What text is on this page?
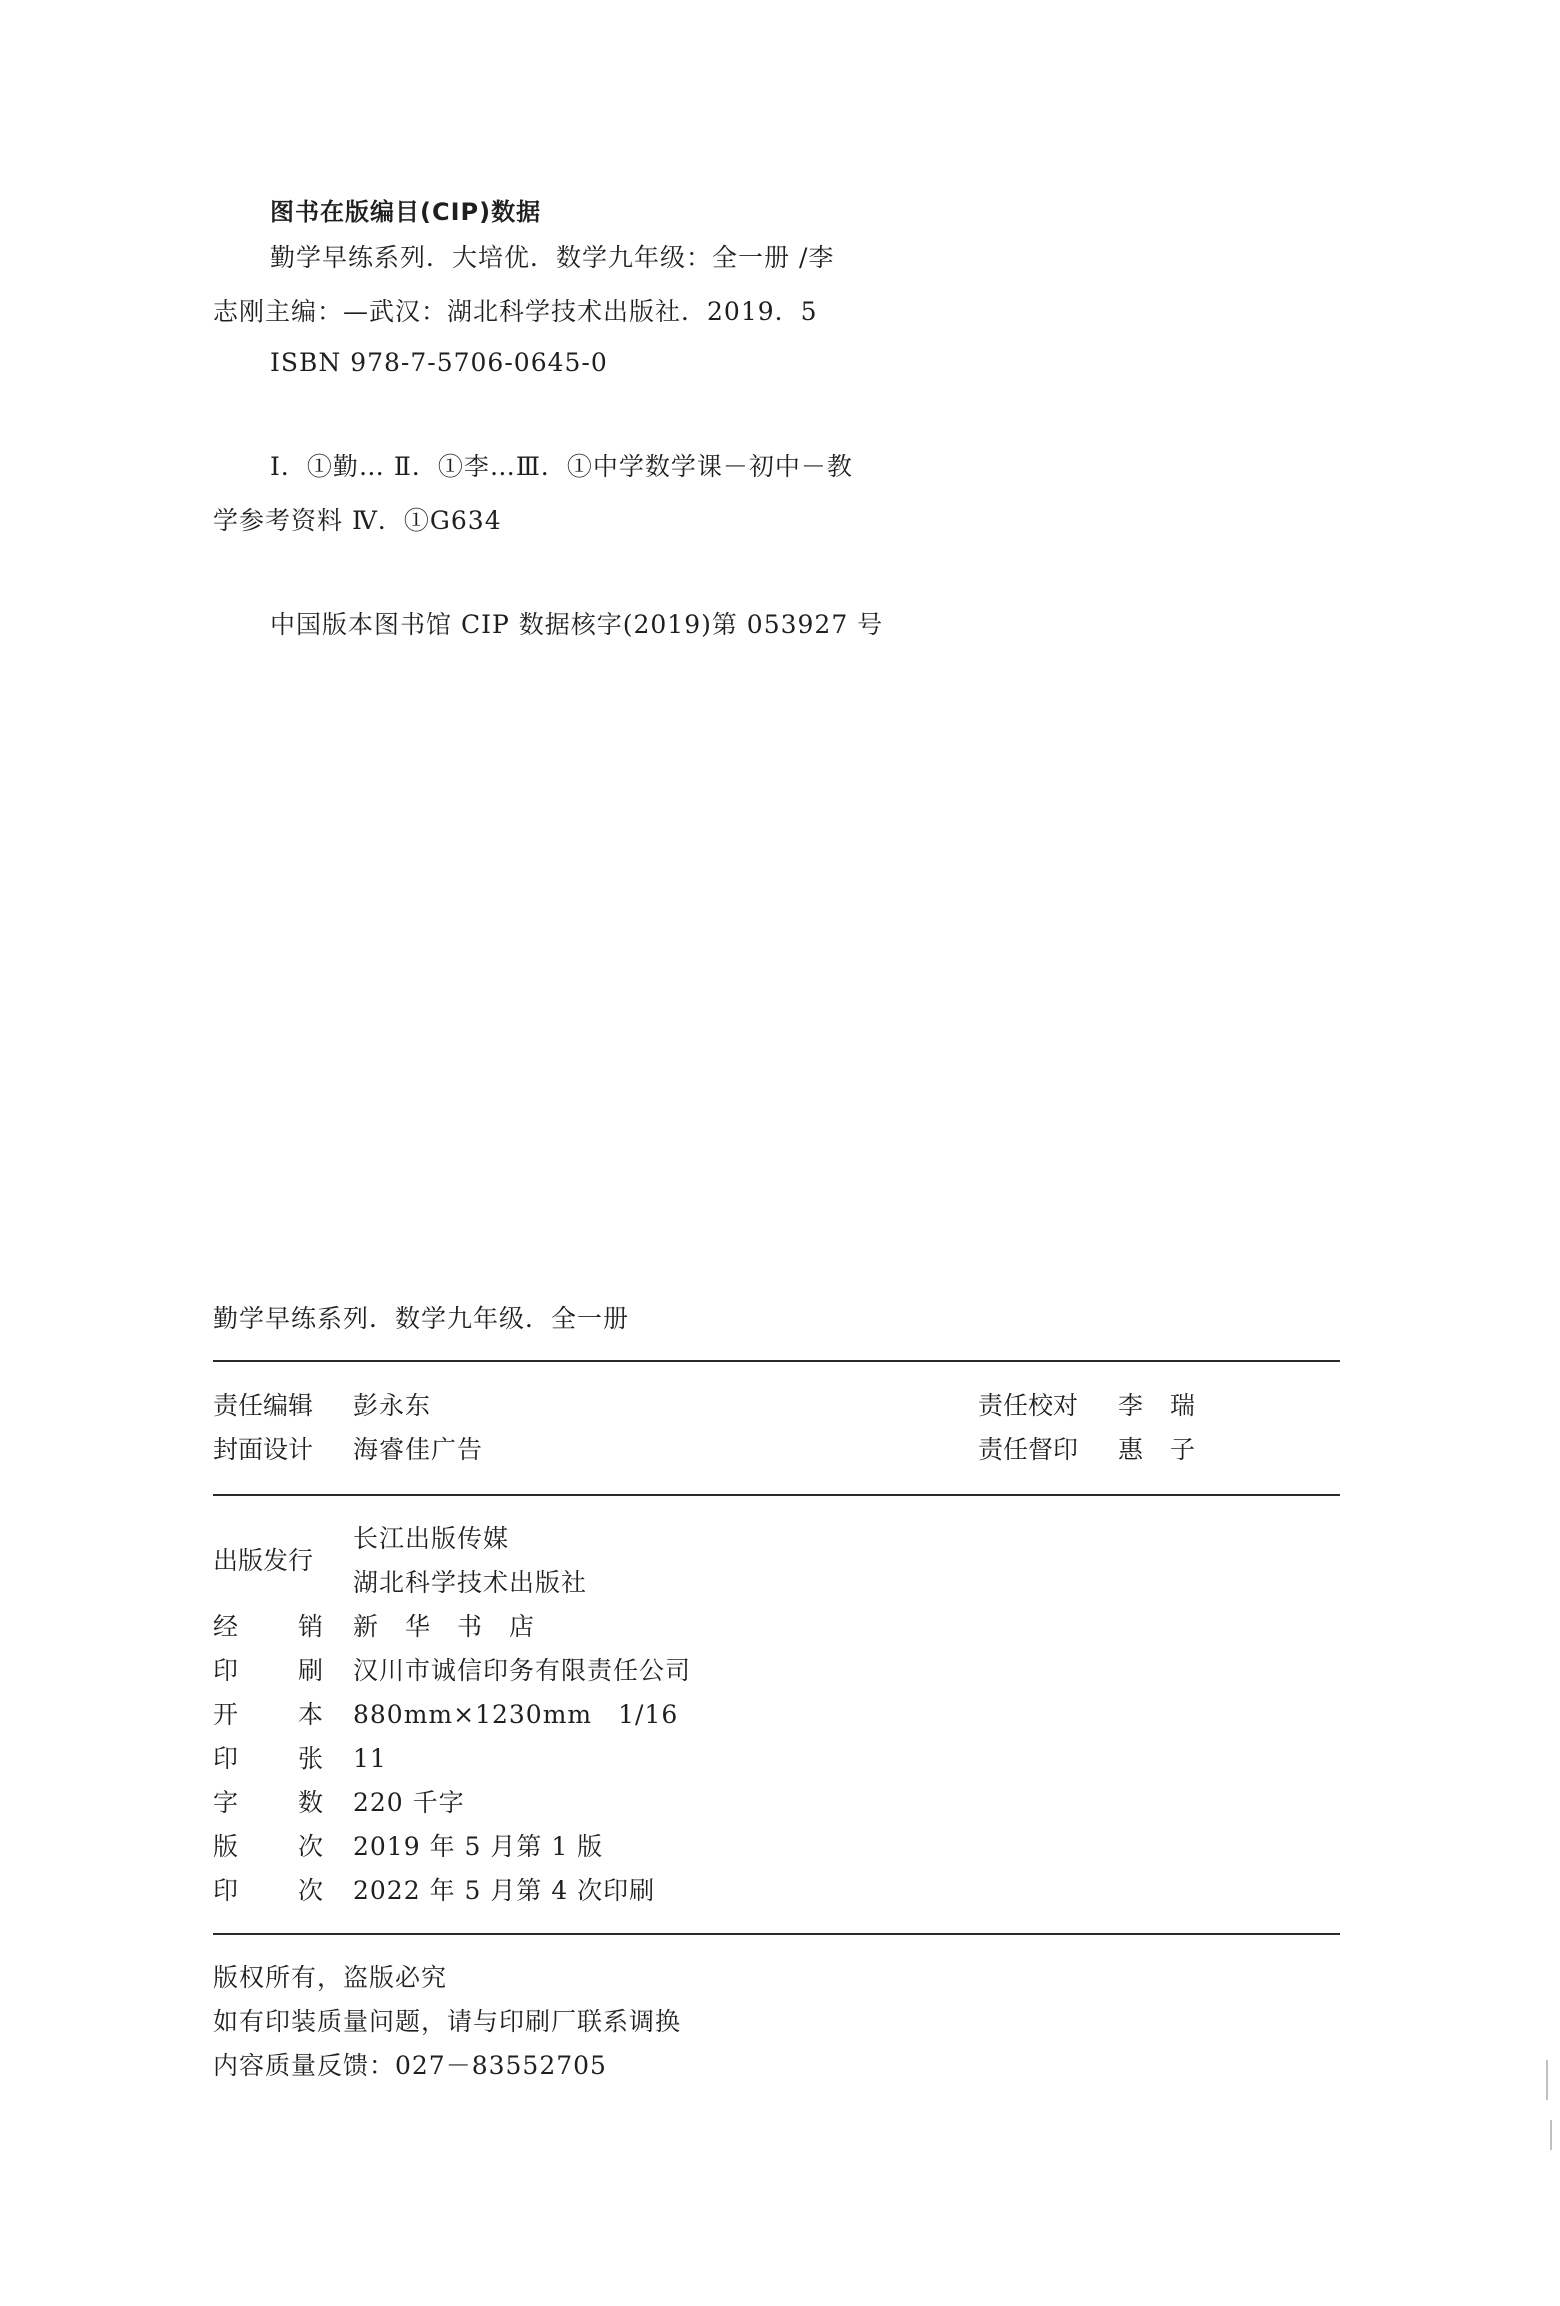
图书在版编目(CIP)数据
勤学早练系列．大培优．数学九年级：全一册 /李
志刚主编：—武汉：湖北科学技术出版社．2019．5
ISBN 978-7-5706-0645-0
Ⅰ．①勤… Ⅱ．①李…Ⅲ．①中学数学课－初中－教
学参考资料 Ⅳ．①G634
中国版本图书馆 CIP 数据核字(2019)第 053927 号
勤学早练系列．数学九年级．全一册
责任编辑 彭永东	责任校对 李　瑞
封面设计 海睿佳广告	责任督印 惠　子
出版发行
长江出版传媒
湖北科学技术出版社
经 销 新　华　书　店
印 刷 汉川市诚信印务有限责任公司
开 本 880mm×1230mm　1/16
印 张 11
字 数 220 千字
版 次 2019 年 5 月第 1 版
印 次 2022 年 5 月第 4 次印刷
版权所有，盗版必究
如有印装质量问题，请与印刷厂联系调换
内容质量反馈：027－83552705
